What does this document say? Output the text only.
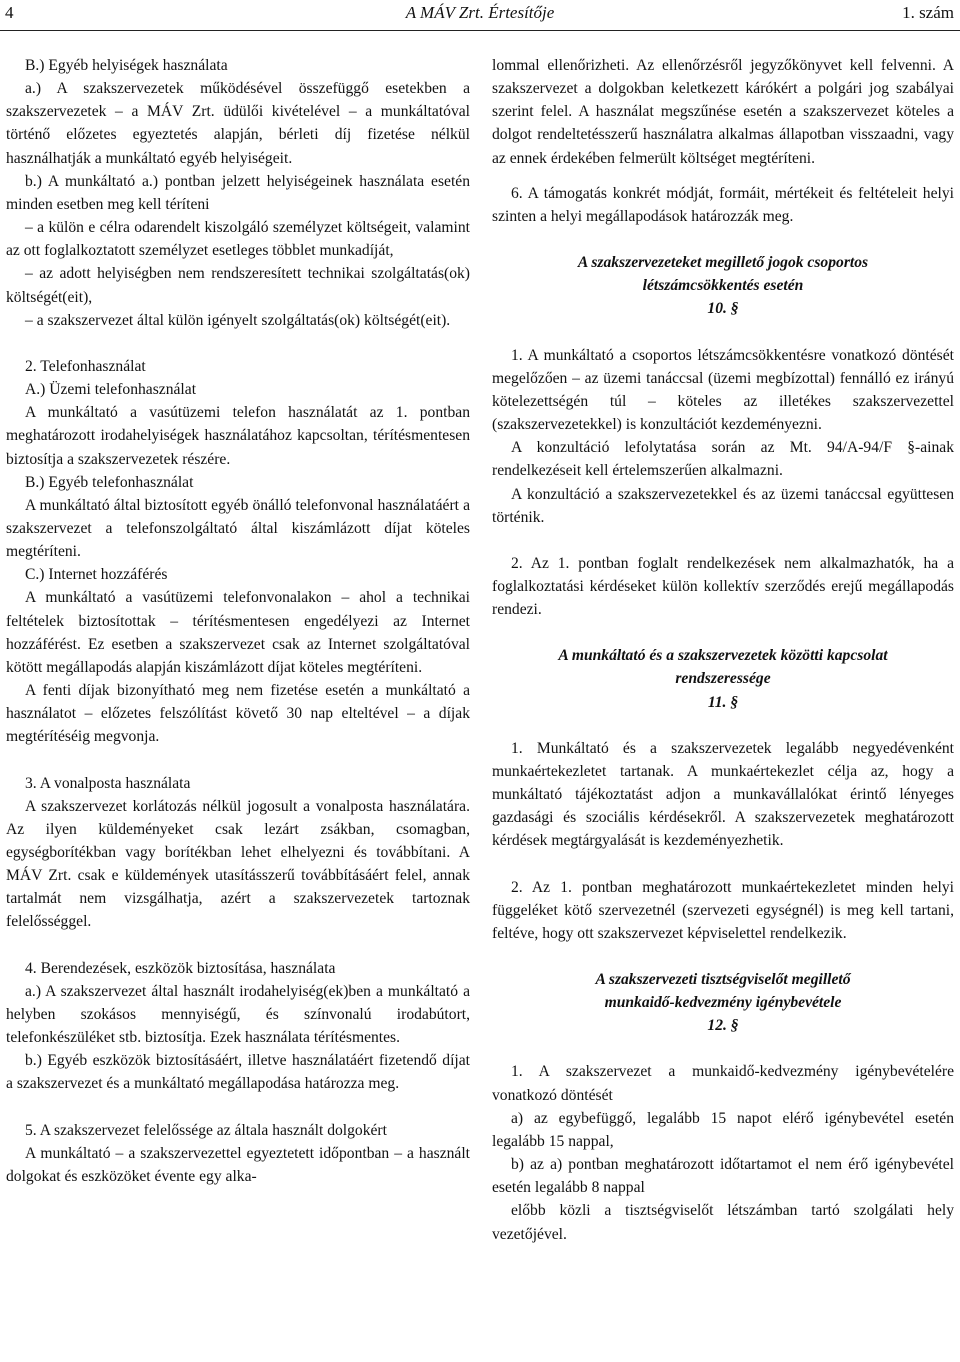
4	A MÁV Zrt. Értesítője	1. szám

B.) Egyéb helyiségek használata

a.) A szakszervezetek működésével összefüggő esetekben a szakszervezetek – a MÁV Zrt. üdülői kivételével – a munkáltatóval történő előzetes egyeztetés alapján, bérleti díj fizetése nélkül használhatják a munkáltató egyéb helyiségeit.

b.) A munkáltató a.) pontban jelzett helyiségeinek használata esetén minden esetben meg kell téríteni

– a külön e célra odarendelt kiszolgáló személyzet költségeit, valamint az ott foglalkoztatott személyzet esetleges többlet munkadíját,

– az adott helyiségben nem rendszeresített technikai szolgáltatás(ok) költségét(eit),

– a szakszervezet által külön igényelt szolgáltatás(ok) költségét(eit).

2. Telefonhasználat

A.) Üzemi telefonhasználat

A munkáltató a vasútüzemi telefon használatát az 1. pontban meghatározott irodahelyiségek használatához kapcsoltan, térítésmentesen biztosítja a szakszervezetek részére.

B.) Egyéb telefonhasználat

A munkáltató által biztosított egyéb önálló telefonvonal használatáért a szakszervezet a telefonszolgáltató által kiszámlázott díjat köteles megtéríteni.

C.) Internet hozzáférés

A munkáltató a vasútüzemi telefonvonalakon – ahol a technikai feltételek biztosítottak – térítésmentesen engedélyezi az Internet hozzáférést. Ez esetben a szakszervezet csak az Internet szolgáltatóval kötött megállapodás alapján kiszámlázott díjat köteles megtéríteni.

A fenti díjak bizonyítható meg nem fizetése esetén a munkáltató a használatot – előzetes felszólítást követő 30 nap elteltével – a díjak megtérítéséig megvonja.

3. A vonalposta használata

A szakszervezet korlátozás nélkül jogosult a vonalposta használatára. Az ilyen küldeményeket csak lezárt zsákban, csomagban, egységborítékban vagy borítékban lehet elhelyezni és továbbítani. A MÁV Zrt. csak e küldemények utasításszerű továbbításáért felel, annak tartalmát nem vizsgálhatja, azért a szakszervezetek tartoznak felelősséggel.

4. Berendezések, eszközök biztosítása, használata

a.) A szakszervezet által használt irodahelyiség(ek)ben a munkáltató a helyben szokásos mennyiségű, és színvonalú irodabútort, telefonkészüléket stb. biztosítja. Ezek használata térítésmentes.

b.) Egyéb eszközök biztosításáért, illetve használatáért fizetendő díjat a szakszervezet és a munkáltató megállapodása határozza meg.

5. A szakszervezet felelőssége az általa használt dolgokért

A munkáltató – a szakszervezettel egyeztetett időpontban – a használt dolgokat és eszközöket évente egy alka-

lommal ellenőrizheti. Az ellenőrzésről jegyzőkönyvet kell felvenni. A szakszervezet a dolgokban keletkezett kárókért a polgári jog szabályai szerint felel. A használat megszűnése esetén a szakszervezet köteles a dolgot rendeltetésszerű használatra alkalmas állapotban visszaadni, vagy az ennek érdekében felmerült költséget megtéríteni.

6. A támogatás konkrét módját, formáit, mértékeit és feltételeit helyi szinten a helyi megállapodások határozzák meg.

A szakszervezeteket megillető jogok csoportos

létszámcsökkentés esetén

10. §

1. A munkáltató a csoportos létszámcsökkentésre vonatkozó döntését megelőzően – az üzemi tanáccsal (üzemi megbízottal) fennálló ez irányú kötelezettségén túl – köteles az illetékes szakszervezettel (szakszervezetekkel) is konzultációt kezdeményezni.

A konzultáció lefolytatása során az Mt. 94/A-94/F §-ainak rendelkezéseit kell értelemszerűen alkalmazni.

A konzultáció a szakszervezetekkel és az üzemi tanáccsal együttesen történik.

2. Az 1. pontban foglalt rendelkezések nem alkalmazhatók, ha a foglalkoztatási kérdéseket külön kollektív szerződés erejű megállapodás rendezi.

A munkáltató és a szakszervezetek közötti kapcsolat

rendszeressége

11. §

1. Munkáltató és a szakszervezetek legalább negyedévenként munkaértekezletet tartanak. A munkaértekezlet célja az, hogy a munkáltató tájékoztatást adjon a munkavállalókat érintő lényeges gazdasági és szociális kérdésekről. A szakszervezetek meghatározott kérdések megtárgyalását is kezdeményezhetik.

2. Az 1. pontban meghatározott munkaértekezletet minden helyi függeléket kötő szervezetnél (szervezeti egységnél) is meg kell tartani, feltéve, hogy ott szakszervezet képviselettel rendelkezik.

A szakszervezeti tisztségviselőt megillető

munkaidő-kedvezmény igénybevétele

12. §

1. A szakszervezet a munkaidő-kedvezmény igénybevételére vonatkozó döntését

a) az egybefüggő, legalább 15 napot elérő igénybevétel esetén legalább 15 nappal,

b) az a) pontban meghatározott időtartamot el nem érő igénybevétel esetén legalább 8 nappal

előbb közli a tisztségviselőt létszámban tartó szolgálati hely vezetőjével.
